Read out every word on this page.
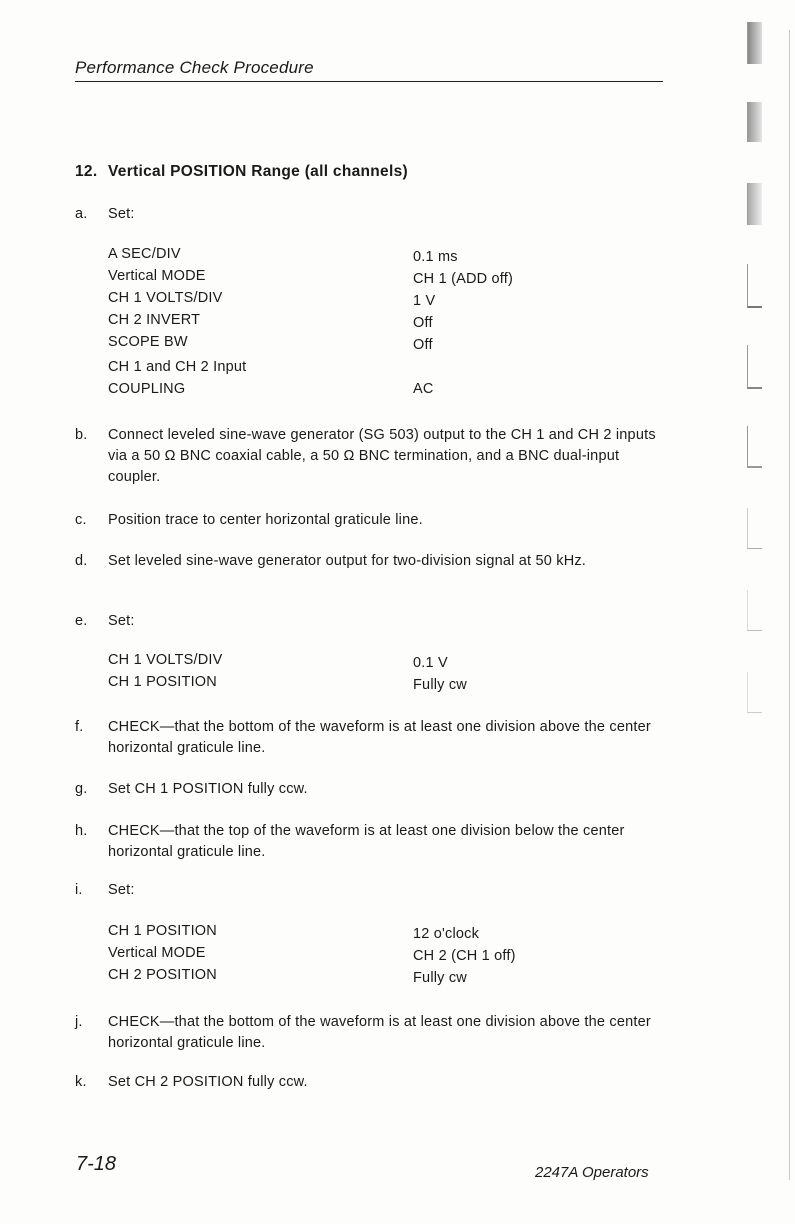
Performance Check Procedure
12. Vertical POSITION Range (all channels)
a.	Set:
A SEC/DIV	0.1 ms
Vertical MODE	CH 1 (ADD off)
CH 1 VOLTS/DIV	1 V
CH 2 INVERT	Off
SCOPE BW	Off
CH 1 and CH 2 Input
COUPLING	AC
b.	Connect leveled sine-wave generator (SG 503) output to the CH 1 and CH 2 inputs via a 50 Ω BNC coaxial cable, a 50 Ω BNC termination, and a BNC dual-input coupler.
c.	Position trace to center horizontal graticule line.
d.	Set leveled sine-wave generator output for two-division signal at 50 kHz.
e.	Set:
CH 1 VOLTS/DIV	0.1 V
CH 1 POSITION	Fully cw
f.	CHECK—that the bottom of the waveform is at least one division above the center horizontal graticule line.
g.	Set CH 1 POSITION fully ccw.
h.	CHECK—that the top of the waveform is at least one division below the center horizontal graticule line.
i.	Set:
CH 1 POSITION	12 o'clock
Vertical MODE	CH 2 (CH 1 off)
CH 2 POSITION	Fully cw
j.	CHECK—that the bottom of the waveform is at least one division above the center horizontal graticule line.
k.	Set CH 2 POSITION fully ccw.
7-18	2247A Operators
